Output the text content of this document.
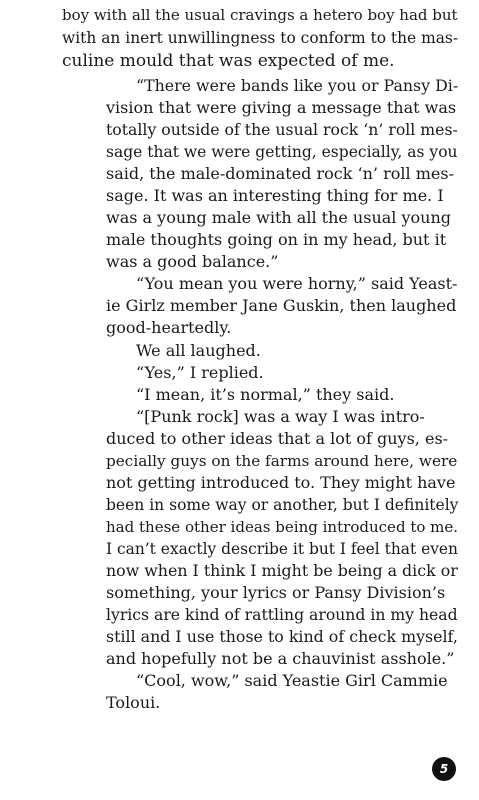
boy with all the usual cravings a hetero boy had but
with an inert unwillingness to conform to the mas-
culine mould that was expected of me.
“There were bands like you or Pansy Di-
vision that were giving a message that was
totally outside of the usual rock ‘n’ roll mes-
sage that we were getting, especially, as you
said, the male-dominated rock ‘n’ roll mes-
sage. It was an interesting thing for me. I
was a young male with all the usual young
male thoughts going on in my head, but it
was a good balance.”
“You mean you were horny,” said Yeast-
ie Girlz member Jane Guskin, then laughed
good-heartedly.
We all laughed.
“Yes,” I replied.
“I mean, it’s normal,” they said.
“[Punk rock] was a way I was intro-
duced to other ideas that a lot of guys, es-
pecially guys on the farms around here, were
not getting introduced to. They might have
been in some way or another, but I definitely
had these other ideas being introduced to me.
I can’t exactly describe it but I feel that even
now when I think I might be being a dick or
something, your lyrics or Pansy Division’s
lyrics are kind of rattling around in my head
still and I use those to kind of check myself,
and hopefully not be a chauvinist asshole.”
“Cool, wow,” said Yeastie Girl Cammie
Toloui.
5
